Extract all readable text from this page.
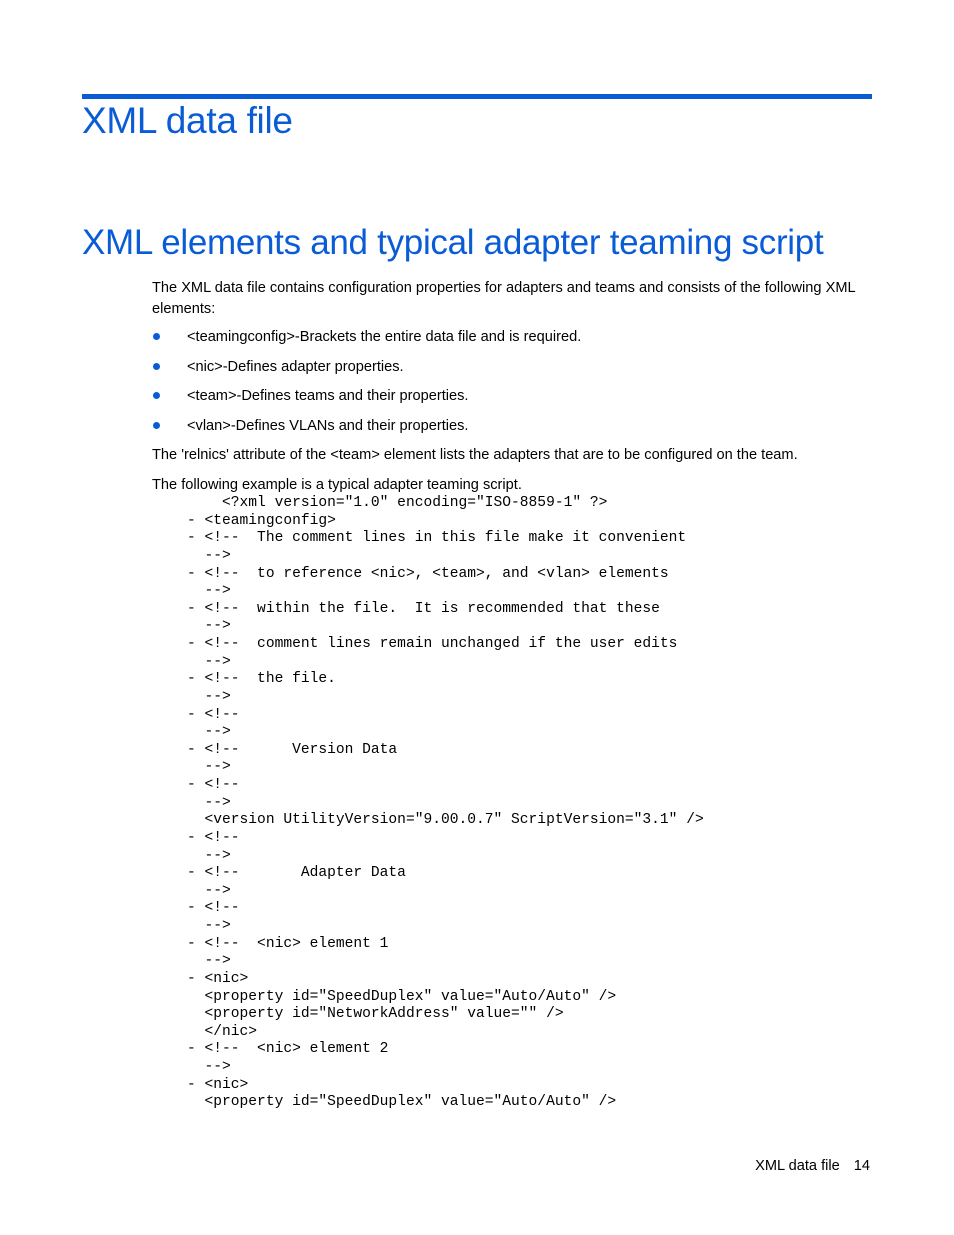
XML data file
XML elements and typical adapter teaming script

The XML data file contains configuration properties for adapters and teams and consists of the following XML elements:

<teamingconfig>-Brackets the entire data file and is required.
<nic>-Defines adapter properties.
<team>-Defines teams and their properties.
<vlan>-Defines VLANs and their properties.

The 'relnics' attribute of the <team> element lists the adapters that are to be configured on the team.

The following example is a typical adapter teaming script.

<?xml version="1.0" encoding="ISO-8859-1" ?>
- <teamingconfig>
- <!--  The comment lines in this file make it convenient
-->
- <!--  to reference <nic>, <team>, and <vlan> elements
-->
- <!--  within the file.  It is recommended that these
-->
- <!--  comment lines remain unchanged if the user edits
-->
- <!--  the file.
-->
- <!--
-->
- <!--      Version Data
-->
- <!--
-->
<version UtilityVersion="9.00.0.7" ScriptVersion="3.1" />
- <!--
-->
- <!--       Adapter Data
-->
- <!--
-->
- <!--  <nic> element 1
-->
- <nic>
<property id="SpeedDuplex" value="Auto/Auto" />
<property id="NetworkAddress" value="" />
</nic>
- <!--  <nic> element 2
-->
- <nic>
<property id="SpeedDuplex" value="Auto/Auto" />
XML data file 14
